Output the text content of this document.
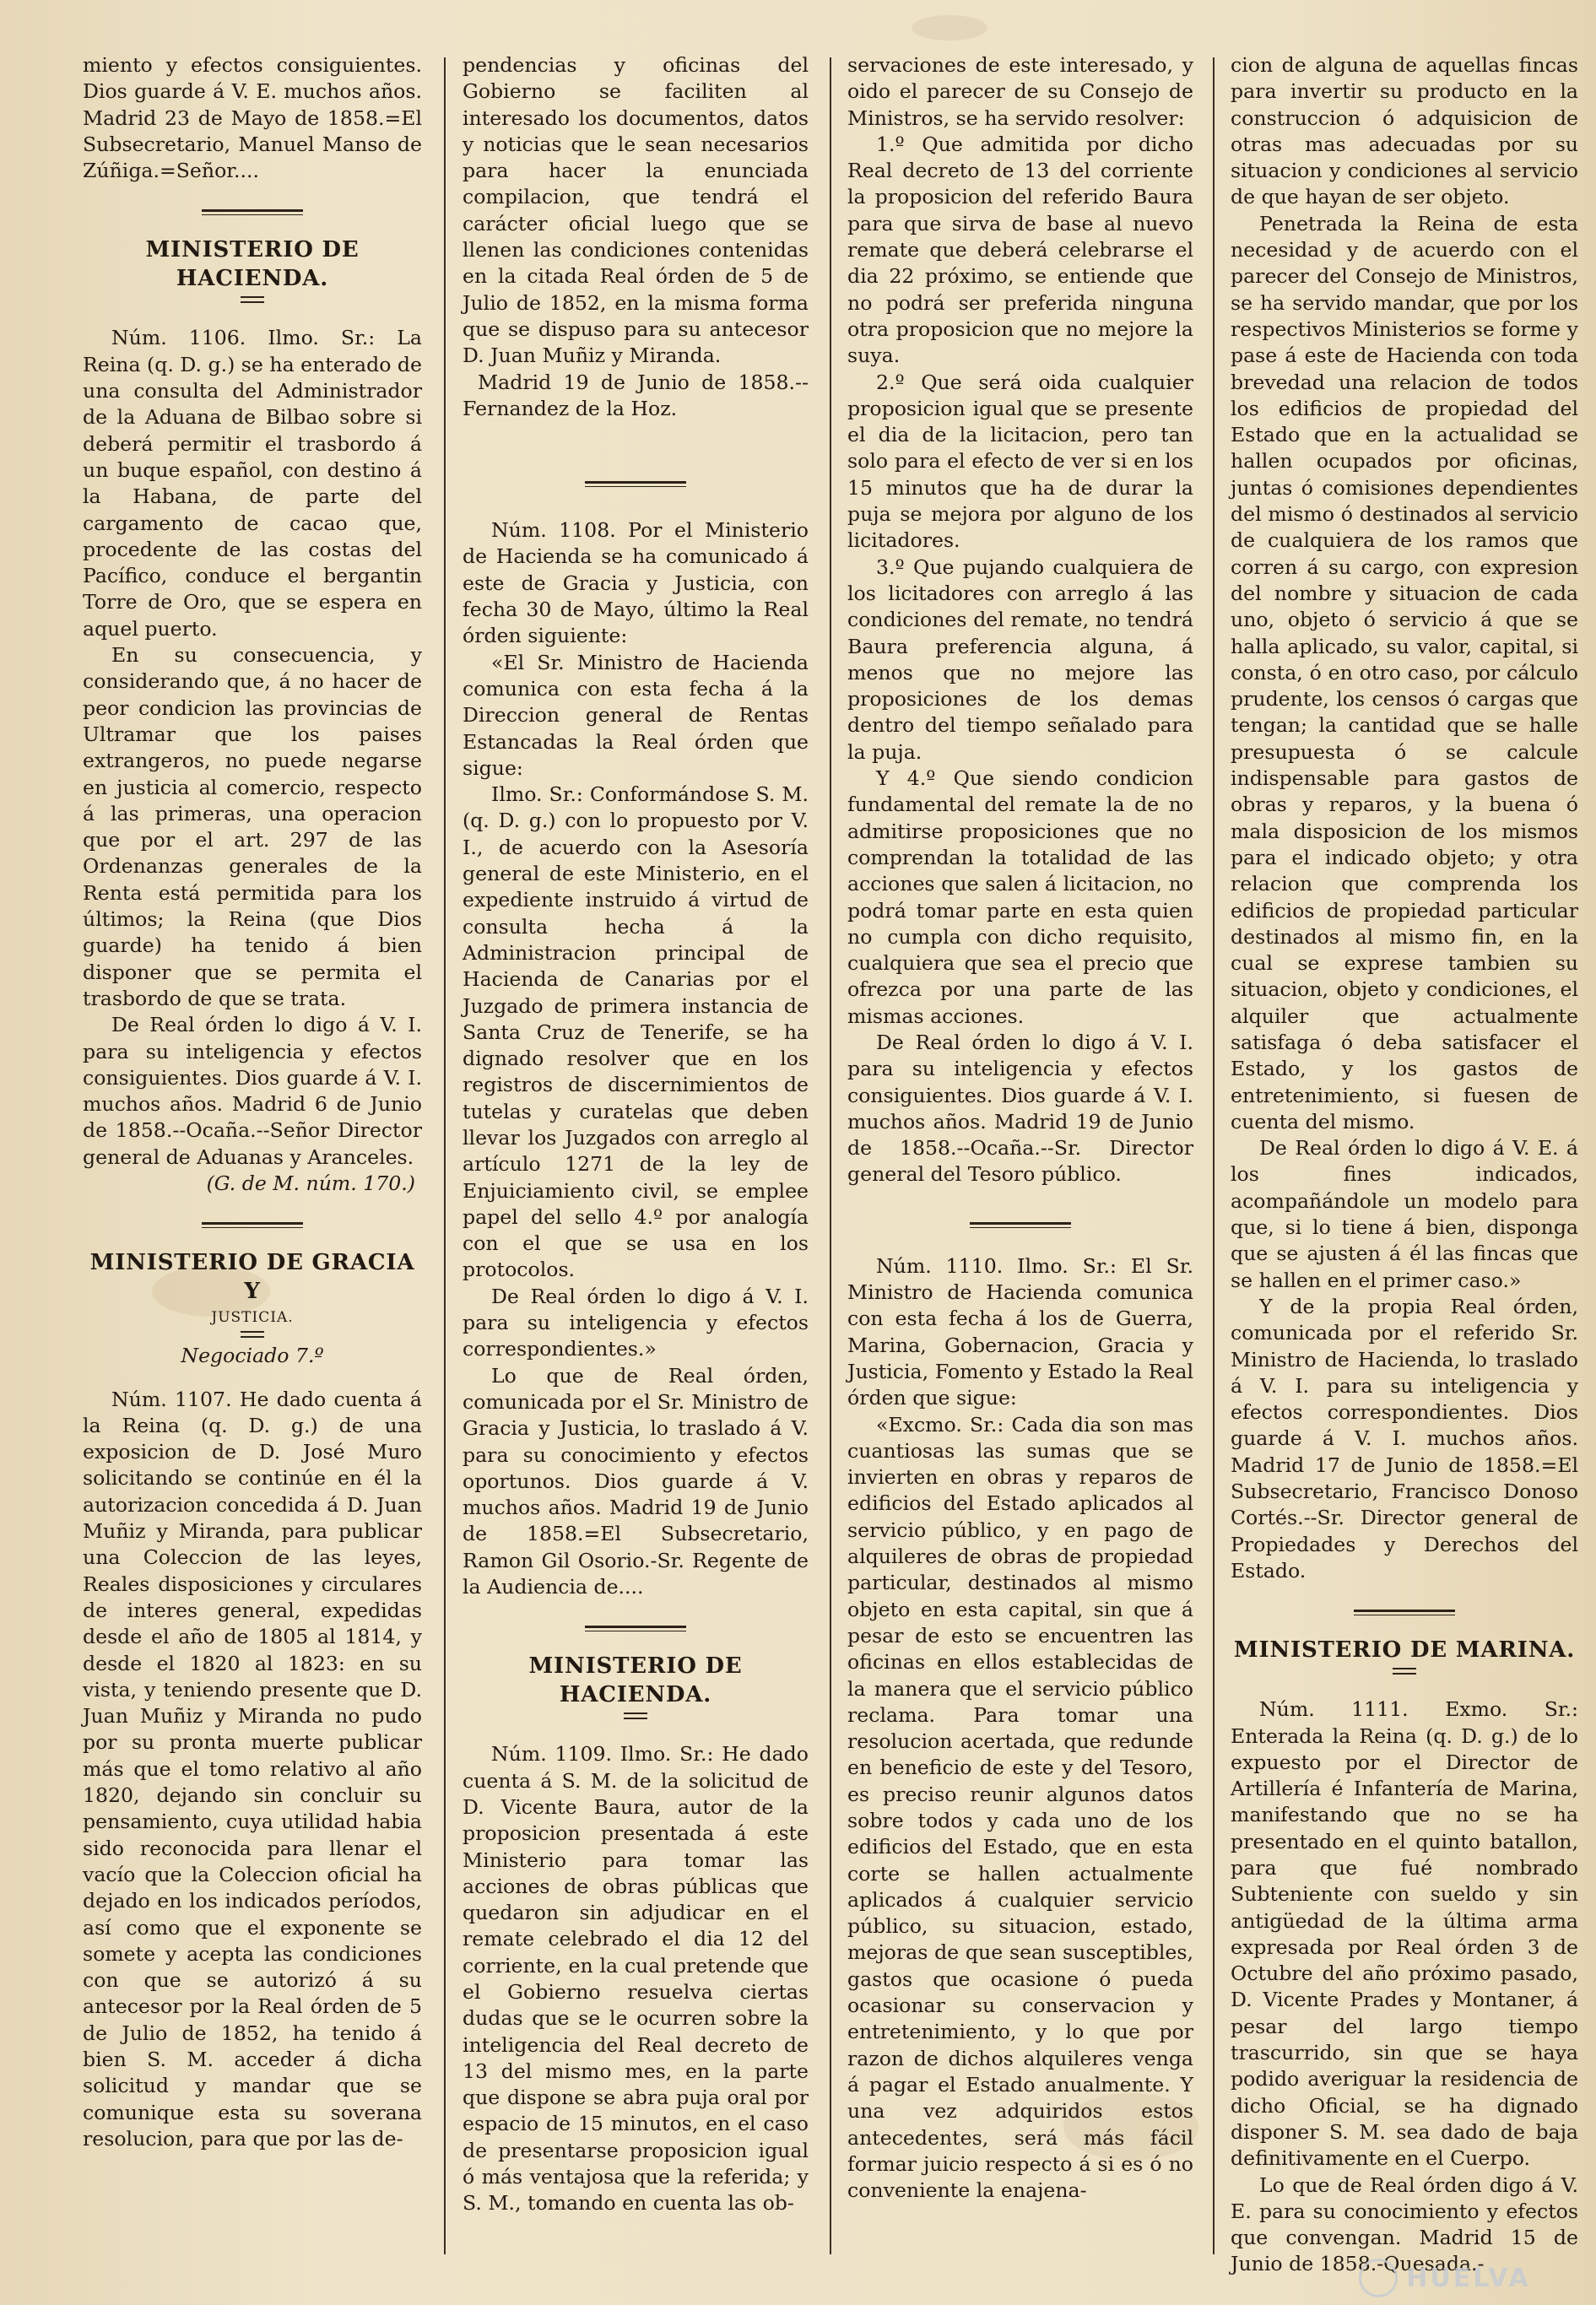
miento y efectos consiguientes. Dios guarde á V. E. muchos años. Madrid 23 de Mayo de 1858.=El Subsecretario, Manuel Manso de Zúñiga.=Señor....

MINISTERIO DE HACIENDA.

Núm. 1106. Ilmo. Sr.: La Reina (q. D. g.) se ha enterado de una consulta del Administrador de la Aduana de Bilbao sobre si deberá permitir el trasbordo á un buque español, con destino á la Habana, de parte del cargamento de cacao que, procedente de las costas del Pacífico, conduce el bergantin Torre de Oro, que se espera en aquel puerto.

En su consecuencia, y considerando que, á no hacer de peor condicion las provincias de Ultramar que los paises extrangeros, no puede negarse en justicia al comercio, respecto á las primeras, una operacion que por el art. 297 de las Ordenanzas generales de la Renta está permitida para los últimos; la Reina (que Dios guarde) ha tenido á bien disponer que se permita el trasbordo de que se trata.

De Real órden lo digo á V. I. para su inteligencia y efectos consiguientes. Dios guarde á V. I. muchos años. Madrid 6 de Junio de 1858.--Ocaña.--Señor Director general de Aduanas y Aranceles.

(G. de M. núm. 170.)

MINISTERIO DE GRACIA Y
JUSTICIA.
Negociado 7.º

Núm. 1107. He dado cuenta á la Reina (q. D. g.) de una exposicion de D. José Muro solicitando se continúe en él la autorizacion concedida á D. Juan Muñiz y Miranda, para publicar una Coleccion de las leyes, Reales disposiciones y circulares de interes general, expedidas desde el año de 1805 al 1814, y desde el 1820 al 1823: en su vista, y teniendo presente que D. Juan Muñiz y Miranda no pudo por su pronta muerte publicar más que el tomo relativo al año 1820, dejando sin concluir su pensamiento, cuya utilidad habia sido reconocida para llenar el vacío que la Coleccion oficial ha dejado en los indicados períodos, así como que el exponente se somete y acepta las condiciones con que se autorizó á su antecesor por la Real órden de 5 de Julio de 1852, ha tenido á bien S. M. acceder á dicha solicitud y mandar que se comunique esta su soverana resolucion, para que por las de-

pendencias y oficinas del Gobierno se faciliten al interesado los documentos, datos y noticias que le sean necesarios para hacer la enunciada compilacion, que tendrá el carácter oficial luego que se llenen las condiciones contenidas en la citada Real órden de 5 de Julio de 1852, en la misma forma que se dispuso para su antecesor D. Juan Muñiz y Miranda.

Madrid 19 de Junio de 1858.--Fernandez de la Hoz.

Núm. 1108. Por el Ministerio de Hacienda se ha comunicado á este de Gracia y Justicia, con fecha 30 de Mayo, último la Real órden siguiente:

«El Sr. Ministro de Hacienda comunica con esta fecha á la Direccion general de Rentas Estancadas la Real órden que sigue:

Ilmo. Sr.: Conformándose S. M. (q. D. g.) con lo propuesto por V. I., de acuerdo con la Asesoría general de este Ministerio, en el expediente instruido á virtud de consulta hecha á la Administracion principal de Hacienda de Canarias por el Juzgado de primera instancia de Santa Cruz de Tenerife, se ha dignado resolver que en los registros de discernimientos de tutelas y curatelas que deben llevar los Juzgados con arreglo al artículo 1271 de la ley de Enjuiciamiento civil, se emplee papel del sello 4.º por analogía con el que se usa en los protocolos.

De Real órden lo digo á V. I. para su inteligencia y efectos correspondientes.»

Lo que de Real órden, comunicada por el Sr. Ministro de Gracia y Justicia, lo traslado á V. para su conocimiento y efectos oportunos. Dios guarde á V. muchos años. Madrid 19 de Junio de 1858.=El Subsecretario, Ramon Gil Osorio.-Sr. Regente de la Audiencia de....

MINISTERIO DE HACIENDA.

Núm. 1109. Ilmo. Sr.: He dado cuenta á S. M. de la solicitud de D. Vicente Baura, autor de la proposicion presentada á este Ministerio para tomar las acciones de obras públicas que quedaron sin adjudicar en el remate celebrado el dia 12 del corriente, en la cual pretende que el Gobierno resuelva ciertas dudas que se le ocurren sobre la inteligencia del Real decreto de 13 del mismo mes, en la parte que dispone se abra puja oral por espacio de 15 minutos, en el caso de presentarse proposicion igual ó más ventajosa que la referida; y S. M., tomando en cuenta las ob-

servaciones de este interesado, y oido el parecer de su Consejo de Ministros, se ha servido resolver:

1.º Que admitida por dicho Real decreto de 13 del corriente la proposicion del referido Baura para que sirva de base al nuevo remate que deberá celebrarse el dia 22 próximo, se entiende que no podrá ser preferida ninguna otra proposicion que no mejore la suya.

2.º Que será oida cualquier proposicion igual que se presente el dia de la licitacion, pero tan solo para el efecto de ver si en los 15 minutos que ha de durar la puja se mejora por alguno de los licitadores.

3.º Que pujando cualquiera de los licitadores con arreglo á las condiciones del remate, no tendrá Baura preferencia alguna, á menos que no mejore las proposiciones de los demas dentro del tiempo señalado para la puja.

Y 4.º Que siendo condicion fundamental del remate la de no admitirse proposiciones que no comprendan la totalidad de las acciones que salen á licitacion, no podrá tomar parte en esta quien no cumpla con dicho requisito, cualquiera que sea el precio que ofrezca por una parte de las mismas acciones.

De Real órden lo digo á V. I. para su inteligencia y efectos consiguientes. Dios guarde á V. I. muchos años. Madrid 19 de Junio de 1858.--Ocaña.--Sr. Director general del Tesoro público.

Núm. 1110. Ilmo. Sr.: El Sr. Ministro de Hacienda comunica con esta fecha á los de Guerra, Marina, Gobernacion, Gracia y Justicia, Fomento y Estado la Real órden que sigue:

«Excmo. Sr.: Cada dia son mas cuantiosas las sumas que se invierten en obras y reparos de edificios del Estado aplicados al servicio público, y en pago de alquileres de obras de propiedad particular, destinados al mismo objeto en esta capital, sin que á pesar de esto se encuentren las oficinas en ellos establecidas de la manera que el servicio público reclama. Para tomar una resolucion acertada, que redunde en beneficio de este y del Tesoro, es preciso reunir algunos datos sobre todos y cada uno de los edificios del Estado, que en esta corte se hallen actualmente aplicados á cualquier servicio público, su situacion, estado, mejoras de que sean susceptibles, gastos que ocasione ó pueda ocasionar su conservacion y entretenimiento, y lo que por razon de dichos alquileres venga á pagar el Estado anualmente. Y una vez adquiridos estos antecedentes, será más fácil formar juicio respecto á si es ó no conveniente la enajena-

cion de alguna de aquellas fincas para invertir su producto en la construccion ó adquisicion de otras mas adecuadas por su situacion y condiciones al servicio de que hayan de ser objeto.

Penetrada la Reina de esta necesidad y de acuerdo con el parecer del Consejo de Ministros, se ha servido mandar, que por los respectivos Ministerios se forme y pase á este de Hacienda con toda brevedad una relacion de todos los edificios de propiedad del Estado que en la actualidad se hallen ocupados por oficinas, juntas ó comisiones dependientes del mismo ó destinados al servicio de cualquiera de los ramos que corren á su cargo, con expresion del nombre y situacion de cada uno, objeto ó servicio á que se halla aplicado, su valor, capital, si consta, ó en otro caso, por cálculo prudente, los censos ó cargas que tengan; la cantidad que se halle presupuesta ó se calcule indispensable para gastos de obras y reparos, y la buena ó mala disposicion de los mismos para el indicado objeto; y otra relacion que comprenda los edificios de propiedad particular destinados al mismo fin, en la cual se exprese tambien su situacion, objeto y condiciones, el alquiler que actualmente satisfaga ó deba satisfacer el Estado, y los gastos de entretenimiento, si fuesen de cuenta del mismo.

De Real órden lo digo á V. E. á los fines indicados, acompañándole un modelo para que, si lo tiene á bien, disponga que se ajusten á él las fincas que se hallen en el primer caso.»

Y de la propia Real órden, comunicada por el referido Sr. Ministro de Hacienda, lo traslado á V. I. para su inteligencia y efectos correspondientes. Dios guarde á V. I. muchos años. Madrid 17 de Junio de 1858.=El Subsecretario, Francisco Donoso Cortés.--Sr. Director general de Propiedades y Derechos del Estado.

MINISTERIO DE MARINA.

Núm. 1111. Exmo. Sr.: Enterada la Reina (q. D. g.) de lo expuesto por el Director de Artillería é Infantería de Marina, manifestando que no se ha presentado en el quinto batallon, para que fué nombrado Subteniente con sueldo y sin antigüedad de la última arma expresada por Real órden 3 de Octubre del año próximo pasado, D. Vicente Prades y Montaner, á pesar del largo tiempo trascurrido, sin que se haya podido averiguar la residencia de dicho Oficial, se ha dignado disponer S. M. sea dado de baja definitivamente en el Cuerpo.

Lo que de Real órden digo á V. E. para su conocimiento y efectos que convengan. Madrid 15 de Junio de 1858.-Quesada.-

HUELVA
